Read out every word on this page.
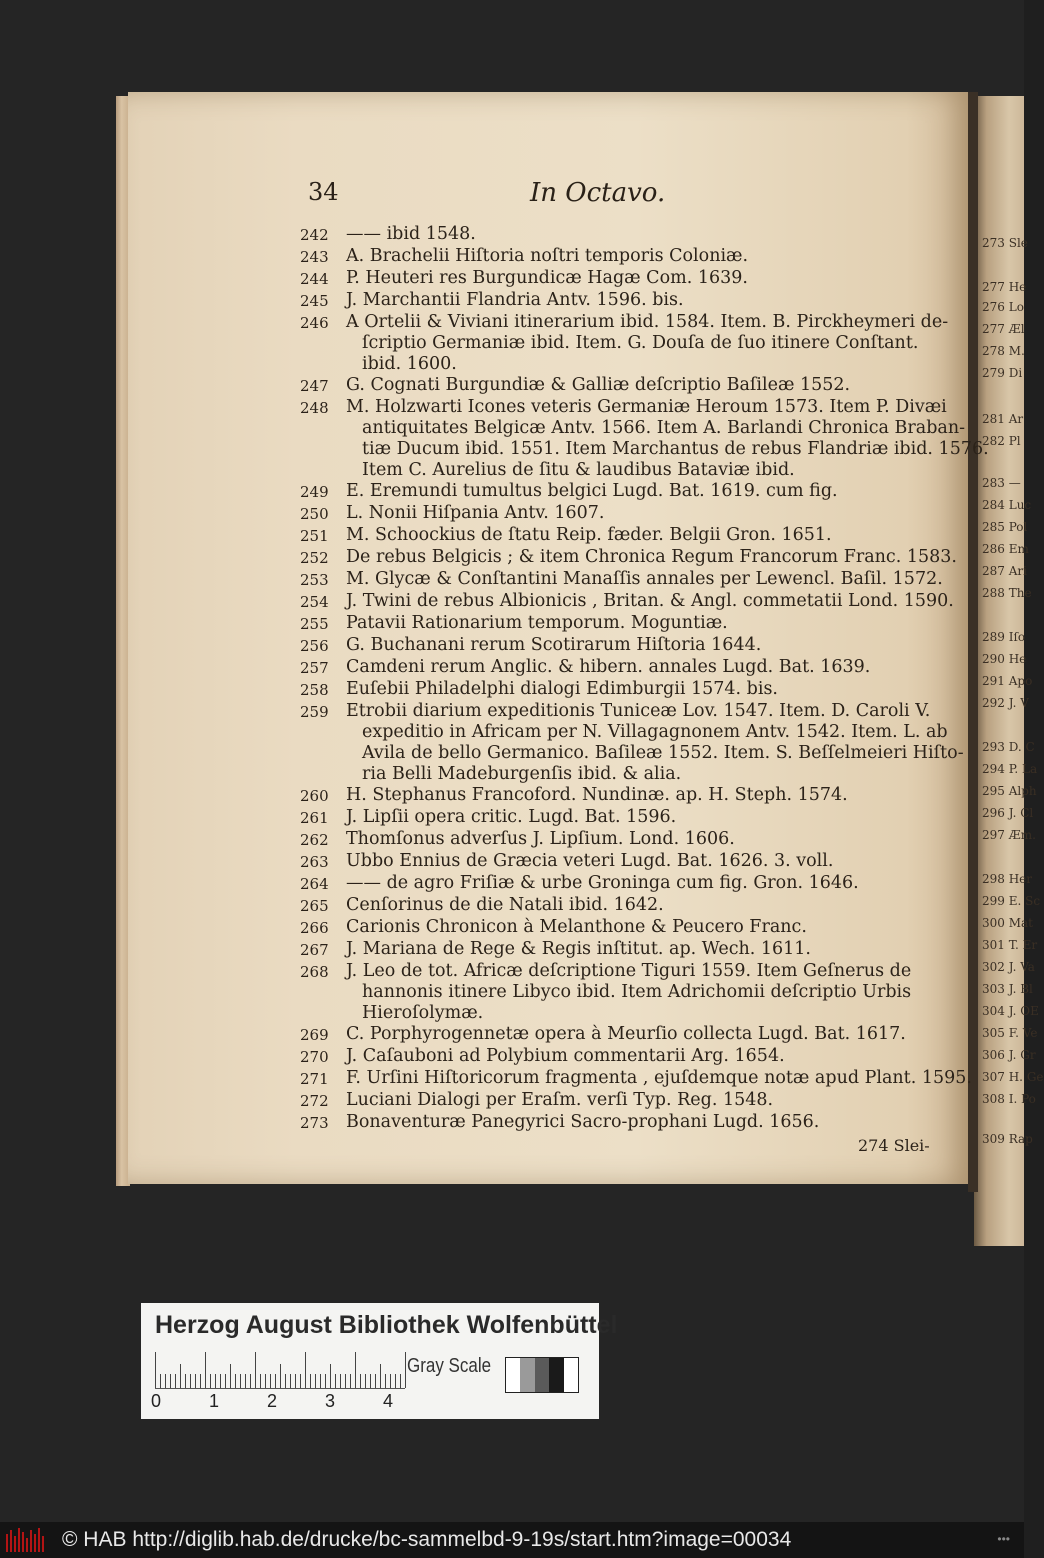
273 Sle
277 He
276 Lo
277 Æl
278 M.
279 Di
281 Ar
282 Pl
283 —
284 Luc
285 Pol
286 Em
287 Ari
288 The
289 Iſo
290 He
291 Apo
292 J. V
293 D. C
294 P. La
295 Alph
296 J. Cl
297 Æm.
298 Her
299 E. Sc
300 Mat
301 T. Er
302 J. Va
303 J. Bl
304 J. OE
305 F. Ve
306 J. Gr
307 H. Ge
308 I. Po
309 Rap
34	In Octavo.
242 —— ibid 1548.
243 A. Brachelii Hiſtoria noſtri temporis Coloniæ.
244 P. Heuteri res Burgundicæ Hagæ Com. 1639.
245 J. Marchantii Flandria Antv. 1596. bis.
246 A Ortelii & Viviani itinerarium ibid. 1584. Item. B. Pirckheymeri de-
ſcriptio Germaniæ ibid. Item. G. Douſa de ſuo itinere Conſtant.
ibid. 1600.
247 G. Cognati Burgundiæ & Galliæ deſcriptio Baſileæ 1552.
248 M. Holzwarti Icones veteris Germaniæ Heroum 1573. Item P. Divæi
antiquitates Belgicæ Antv. 1566. Item A. Barlandi Chronica Braban-
tiæ Ducum ibid. 1551. Item Marchantus de rebus Flandriæ ibid. 1576.
Item C. Aurelius de ſitu & laudibus Bataviæ ibid.
249 E. Eremundi tumultus belgici Lugd. Bat. 1619. cum fig.
250 L. Nonii Hiſpania Antv. 1607.
251 M. Schoockius de ſtatu Reip. fæder. Belgii Gron. 1651.
252 De rebus Belgicis ; & item Chronica Regum Francorum Franc. 1583.
253 M. Glycæ & Conſtantini Manaſſis annales per Lewencl. Baſil. 1572.
254 J. Twini de rebus Albionicis , Britan. & Angl. commetatii Lond. 1590.
255 Patavii Rationarium temporum. Moguntiæ.
256 G. Buchanani rerum Scotirarum Hiſtoria 1644.
257 Camdeni rerum Anglic. & hibern. annales Lugd. Bat. 1639.
258 Euſebii Philadelphi dialogi Edimburgii 1574. bis.
259 Etrobii diarium expeditionis Tuniceæ Lov. 1547. Item. D. Caroli V.
expeditio in Africam per N. Villagagnonem Antv. 1542. Item. L. ab
Avila de bello Germanico. Baſileæ 1552. Item. S. Beſſelmeieri Hiſto-
ria Belli Madeburgenſis ibid. & alia.
260 H. Stephanus Francoford. Nundinæ. ap. H. Steph. 1574.
261 J. Lipſii opera critic. Lugd. Bat. 1596.
262 Thomſonus adverſus J. Lipſium. Lond. 1606.
263 Ubbo Ennius de Græcia veteri Lugd. Bat. 1626. 3. voll.
264 —— de agro Friſiæ & urbe Groninga cum fig. Gron. 1646.
265 Cenſorinus de die Natali ibid. 1642.
266 Carionis Chronicon à Melanthone & Peucero Franc.
267 J. Mariana de Rege & Regis inſtitut. ap. Wech. 1611.
268 J. Leo de tot. Africæ deſcriptione Tiguri 1559. Item Geſnerus de
hannonis itinere Libyco ibid. Item Adrichomii deſcriptio Urbis
Hieroſolymæ.
269 C. Porphyrogennetæ opera à Meurſio collecta Lugd. Bat. 1617.
270 J. Caſauboni ad Polybium commentarii Arg. 1654.
271 F. Urſini Hiſtoricorum fragmenta , ejuſdemque notæ apud Plant. 1595.
272 Luciani Dialogi per Eraſm. verſi Typ. Reg. 1548.
273 Bonaventuræ Panegyrici Sacro-prophani Lugd. 1656.
274 Slei-
Herzog August Bibliothek Wolfenbüttel
0	1	2	3	4
Gray Scale
© HAB http://diglib.hab.de/drucke/bc-sammelbd-9-19s/start.htm?image=00034	•••
